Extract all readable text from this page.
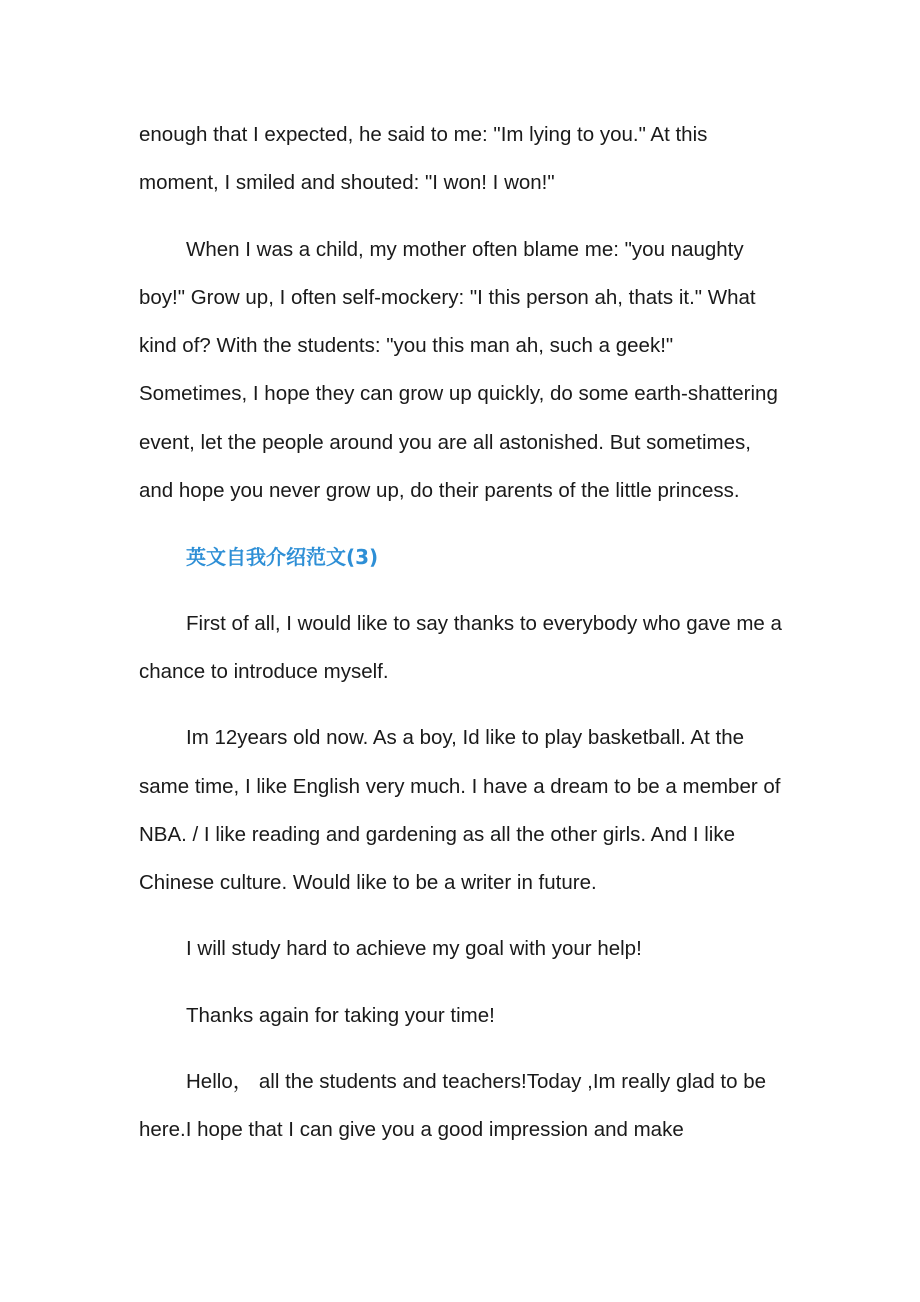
enough that I expected, he said to me: "Im lying to you." At this moment, I smiled and shouted: "I won! I won!"

When I was a child, my mother often blame me: "you naughty boy!" Grow up, I often self-mockery: "I this person ah, thats it." What kind of? With the students: "you this man ah, such a geek!" Sometimes, I hope they can grow up quickly, do some earth-shattering event, let the people around you are all astonished. But sometimes, and hope you never grow up, do their parents of the little princess.

英文自我介绍范文(3)

First of all, I would like to say thanks to everybody who gave me a chance to introduce myself.

Im 12years old now. As a boy, Id like to play basketball. At the same time, I like English very much. I have a dream to be a member of NBA. / I like reading and gardening as all the other girls. And I like Chinese culture. Would like to be a writer in future.

I will study hard to achieve my goal with your help!

Thanks again for taking your time!

Hello， all the students and teachers!Today ,Im really glad to be here.I hope that I can give you a good impression and make
